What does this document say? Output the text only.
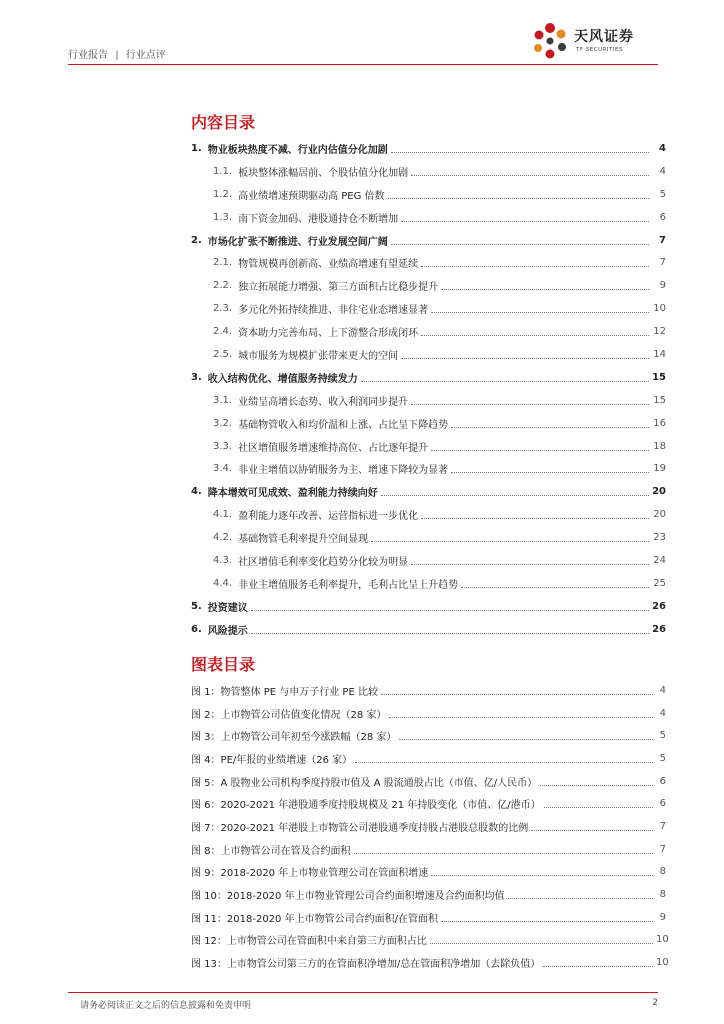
行业报告 | 行业点评
天风证券
TF SECURITIES
内容目录
1. 物业板块热度不减、行业内估值分化加剧	4
1.1. 板块整体涨幅居前、个股估值分化加剧	4
1.2. 高业绩增速预期驱动高 PEG 倍数	5
1.3. 南下资金加码、港股通持仓不断增加	6
2. 市场化扩张不断推进、行业发展空间广阔	7
2.1. 物管规模再创新高、业绩高增速有望延续	7
2.2. 独立拓展能力增强、第三方面积占比稳步提升	9
2.3. 多元化外拓持续推进、非住宅业态增速显著	10
2.4. 资本助力完善布局、上下游整合形成闭环	12
2.5. 城市服务为规模扩张带来更大的空间	14
3. 收入结构优化、增值服务持续发力	15
3.1. 业绩呈高增长态势、收入利润同步提升	15
3.2. 基础物管收入和均价温和上涨、占比呈下降趋势	16
3.3. 社区增值服务增速维持高位、占比逐年提升	18
3.4. 非业主增值以协销服务为主、增速下降较为显著	19
4. 降本增效可见成效、盈利能力持续向好	20
4.1. 盈利能力逐年改善、运营指标进一步优化	20
4.2. 基础物管毛利率提升空间显现	23
4.3. 社区增值毛利率变化趋势分化较为明显	24
4.4. 非业主增值服务毛利率提升，毛利占比呈上升趋势	25
5. 投资建议	26
6. 风险提示	26
图表目录
图 1：物管整体 PE 与申万子行业 PE 比较	4
图 2：上市物管公司估值变化情况（28 家）	4
图 3：上市物管公司年初至今涨跌幅（28 家）	5
图 4：PE/年报的业绩增速（26 家）	5
图 5：A 股物业公司机构季度持股市值及 A 股流通股占比（市值、亿/人民币）	6
图 6：2020-2021 年港股通季度持股规模及 21 年持股变化（市值、亿/港币）	6
图 7：2020-2021 年港股上市物管公司港股通季度持股占港股总股数的比例	7
图 8：上市物管公司在管及合约面积	7
图 9：2018-2020 年上市物业管理公司在管面积增速	8
图 10：2018-2020 年上市物业管理公司合约面积增速及合约面积均值	8
图 11：2018-2020 年上市物管公司合约面积/在管面积	9
图 12：上市物管公司在管面积中来自第三方面积占比	10
图 13：上市物管公司第三方的在管面积净增加/总在管面积净增加（去除负值）	10
请务必阅读正文之后的信息披露和免责申明	2
